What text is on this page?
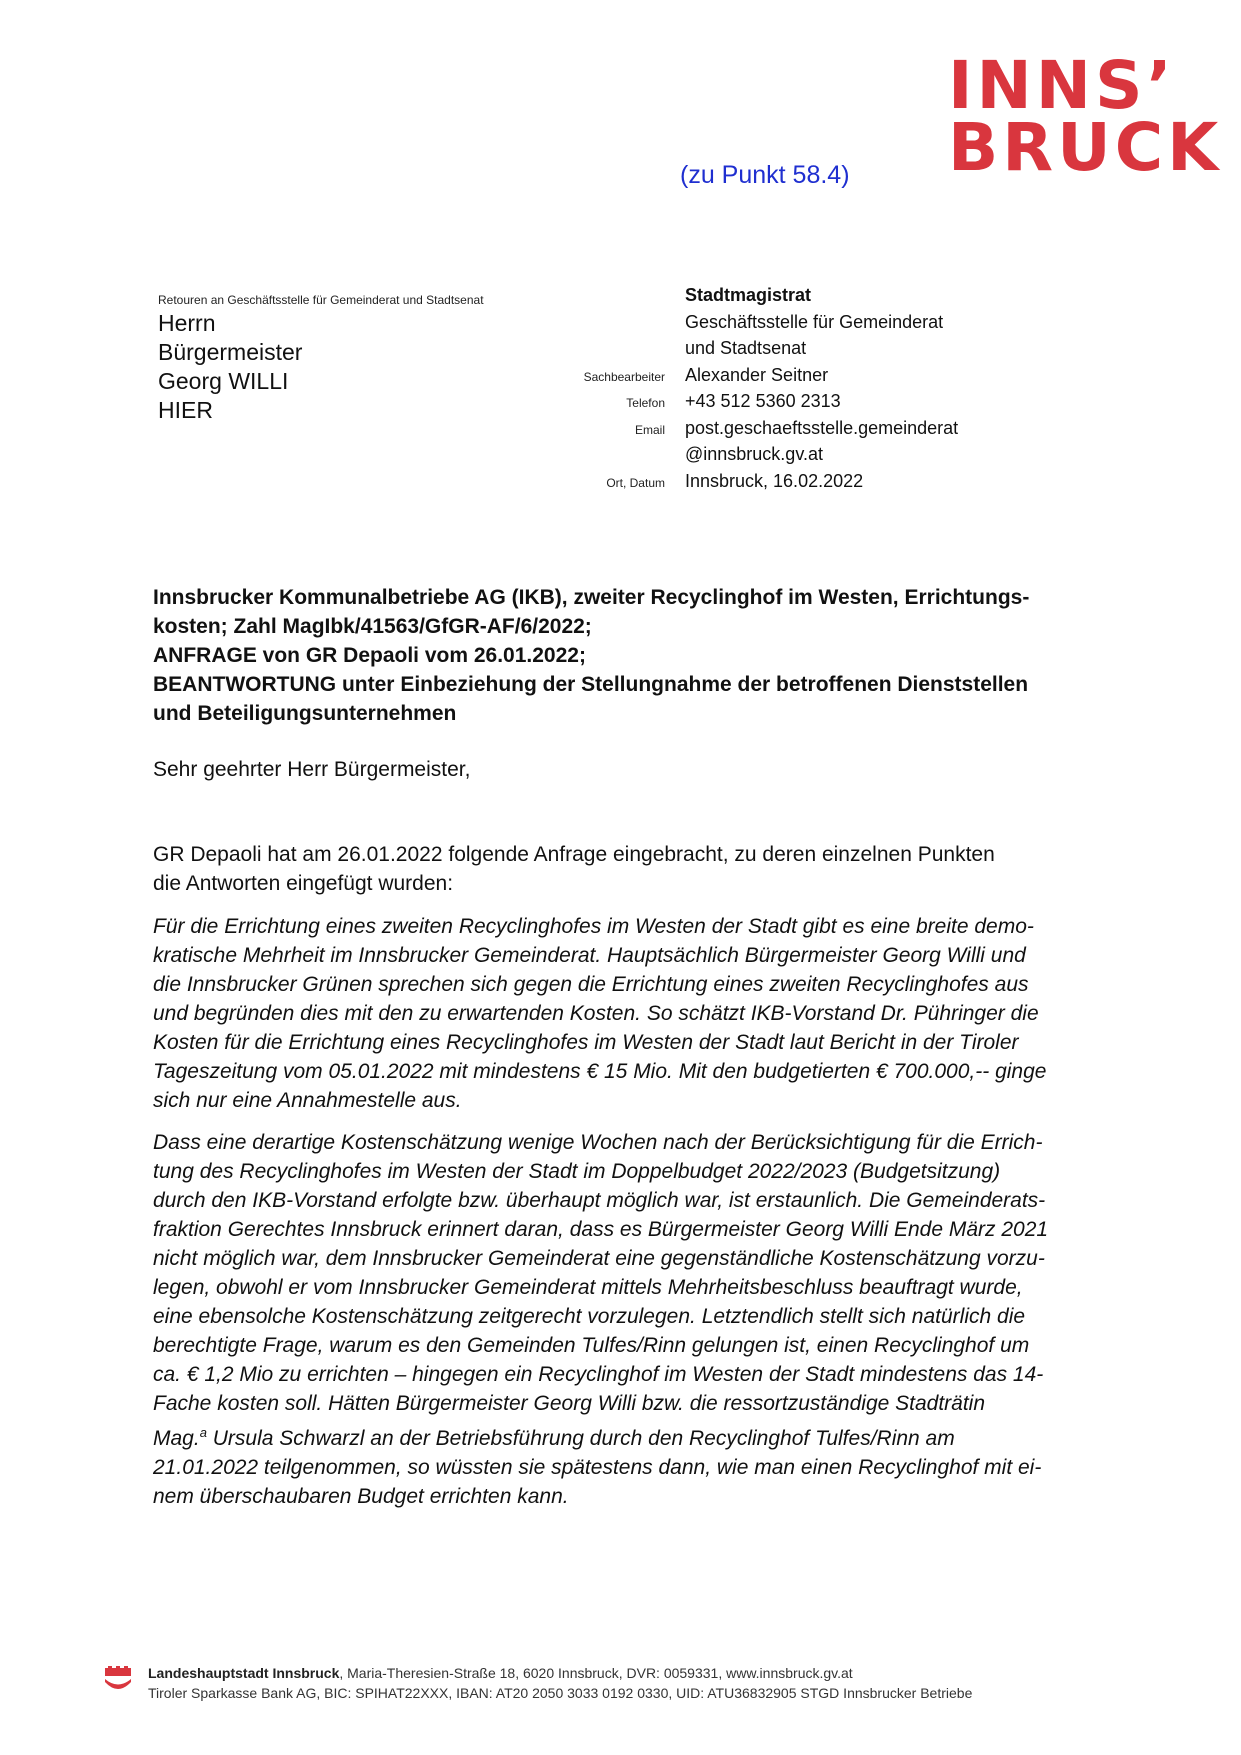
INNS’
BRUCK
(zu Punkt 58.4)
Retouren an Geschäftsstelle für Gemeinderat und Stadtsenat
Herrn
Bürgermeister
Georg WILLI
HIER
Stadtmagistrat
Geschäftsstelle für Gemeinderat
und Stadtsenat
Sachbearbeiter	Alexander Seitner
Telefon	+43 512 5360 2313
Email	post.geschaeftsstelle.gemeinderat
@innsbruck.gv.at
Ort, Datum	Innsbruck, 16.02.2022
Innsbrucker Kommunalbetriebe AG (IKB), zweiter Recyclinghof im Westen, Errichtungs-
kosten; Zahl MagIbk/41563/GfGR-AF/6/2022;
ANFRAGE von GR Depaoli vom 26.01.2022;
BEANTWORTUNG unter Einbeziehung der Stellungnahme der betroffenen Dienststellen
und Beteiligungsunternehmen
Sehr geehrter Herr Bürgermeister,
GR Depaoli hat am 26.01.2022 folgende Anfrage eingebracht, zu deren einzelnen Punkten
die Antworten eingefügt wurden:
Für die Errichtung eines zweiten Recyclinghofes im Westen der Stadt gibt es eine breite demo-
kratische Mehrheit im Innsbrucker Gemeinderat. Hauptsächlich Bürgermeister Georg Willi und
die Innsbrucker Grünen sprechen sich gegen die Errichtung eines zweiten Recyclinghofes aus
und begründen dies mit den zu erwartenden Kosten. So schätzt IKB-Vorstand Dr. Pühringer die
Kosten für die Errichtung eines Recyclinghofes im Westen der Stadt laut Bericht in der Tiroler
Tageszeitung vom 05.01.2022 mit mindestens € 15 Mio. Mit den budgetierten € 700.000,-- ginge
sich nur eine Annahmestelle aus.
Dass eine derartige Kostenschätzung wenige Wochen nach der Berücksichtigung für die Errich-
tung des Recyclinghofes im Westen der Stadt im Doppelbudget 2022/2023 (Budgetsitzung)
durch den IKB-Vorstand erfolgte bzw. überhaupt möglich war, ist erstaunlich. Die Gemeinderats-
fraktion Gerechtes Innsbruck erinnert daran, dass es Bürgermeister Georg Willi Ende März 2021
nicht möglich war, dem Innsbrucker Gemeinderat eine gegenständliche Kostenschätzung vorzu-
legen, obwohl er vom Innsbrucker Gemeinderat mittels Mehrheitsbeschluss beauftragt wurde,
eine ebensolche Kostenschätzung zeitgerecht vorzulegen. Letztendlich stellt sich natürlich die
berechtigte Frage, warum es den Gemeinden Tulfes/Rinn gelungen ist, einen Recyclinghof um
ca. € 1,2 Mio zu errichten – hingegen ein Recyclinghof im Westen der Stadt mindestens das 14-
Fache kosten soll. Hätten Bürgermeister Georg Willi bzw. die ressortzuständige Stadträtin
Mag.$^a$ Ursula Schwarzl an der Betriebsführung durch den Recyclinghof Tulfes/Rinn am
21.01.2022 teilgenommen, so wüssten sie spätestens dann, wie man einen Recyclinghof mit ei-
nem überschaubaren Budget errichten kann.
Landeshauptstadt Innsbruck, Maria-Theresien-Straße 18, 6020 Innsbruck, DVR: 0059331, www.innsbruck.gv.at
Tiroler Sparkasse Bank AG, BIC: SPIHAT22XXX, IBAN: AT20 2050 3033 0192 0330, UID: ATU36832905 STGD Innsbrucker Betriebe
